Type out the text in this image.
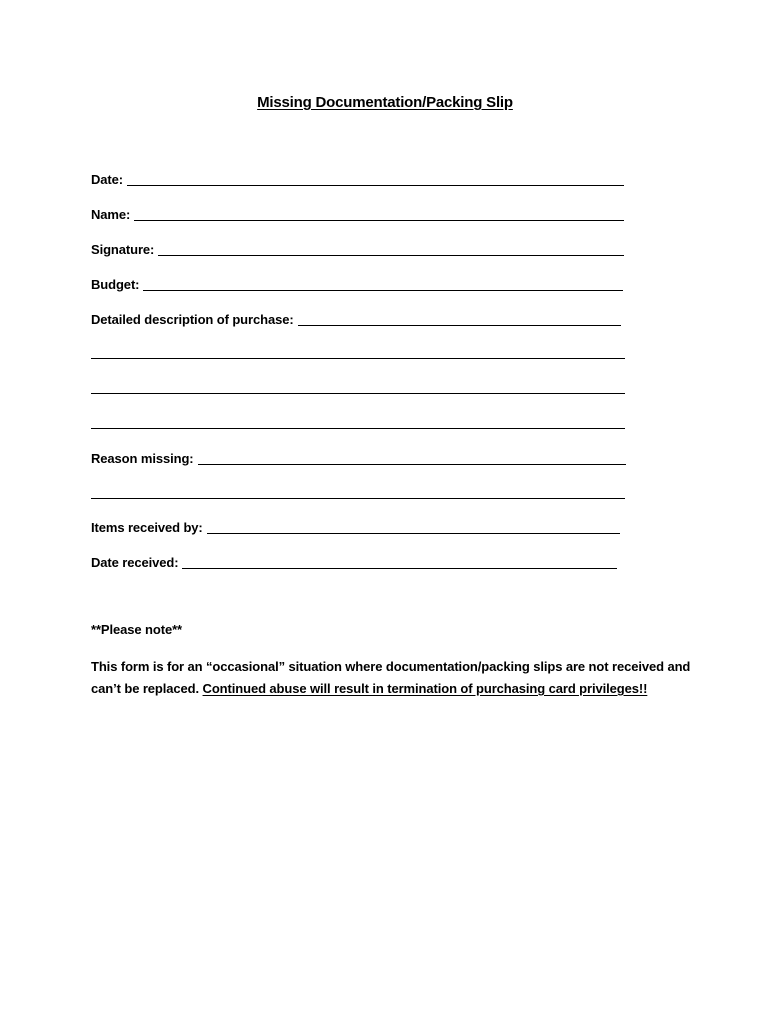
Missing Documentation/Packing Slip
Date:
Name:
Signature:
Budget:
Detailed description of purchase:
Reason missing:
Items received by:
Date received:
**Please note**
This form is for an “occasional” situation where documentation/packing slips are not received and can’t be replaced. Continued abuse will result in termination of purchasing card privileges!!
